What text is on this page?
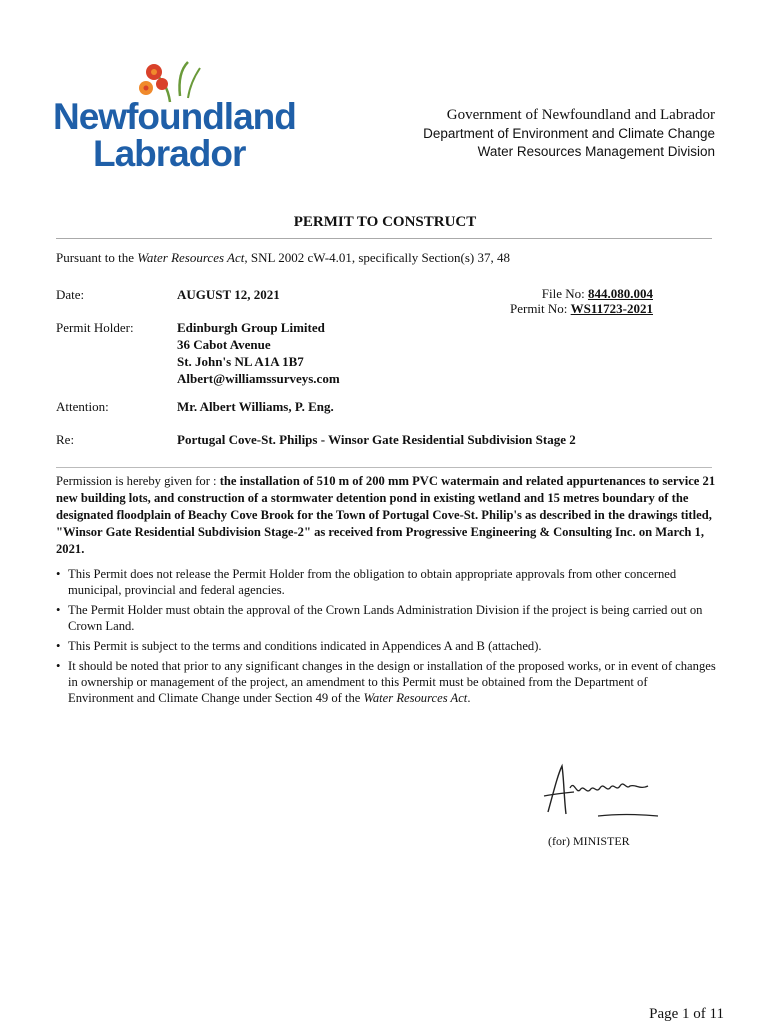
Newfoundland
Labrador
Government of Newfoundland and Labrador
Department of Environment and Climate Change
Water Resources Management Division
PERMIT TO CONSTRUCT
Pursuant to the Water Resources Act, SNL 2002 cW-4.01, specifically Section(s) 37, 48
Date:	AUGUST 12, 2021	File No: 844.080.004
Permit No: WS11723-2021
Permit Holder:	Edinburgh Group Limited
36 Cabot Avenue
St. John's NL A1A 1B7
Albert@williamssurveys.com
Attention:	Mr. Albert Williams, P. Eng.
Re:	Portugal Cove-St. Philips - Winsor Gate Residential Subdivision Stage 2
Permission is hereby given for : the installation of 510 m of 200 mm PVC watermain and related appurtenances to service 21 new building lots, and construction of a stormwater detention pond in existing wetland and 15 metres boundary of the designated floodplain of Beachy Cove Brook for the Town of Portugal Cove-St. Philip's as described in the drawings titled, "Winsor Gate Residential Subdivision Stage-2" as received from Progressive Engineering & Consulting Inc. on March 1, 2021.
• This Permit does not release the Permit Holder from the obligation to obtain appropriate approvals from other concerned municipal, provincial and federal agencies.
• The Permit Holder must obtain the approval of the Crown Lands Administration Division if the project is being carried out on Crown Land.
• This Permit is subject to the terms and conditions indicated in Appendices A and B (attached).
• It should be noted that prior to any significant changes in the design or installation of the proposed works, or in event of changes in ownership or management of the project, an amendment to this Permit must be obtained from the Department of Environment and Climate Change under Section 49 of the Water Resources Act.
(for) MINISTER
Page 1 of 11
